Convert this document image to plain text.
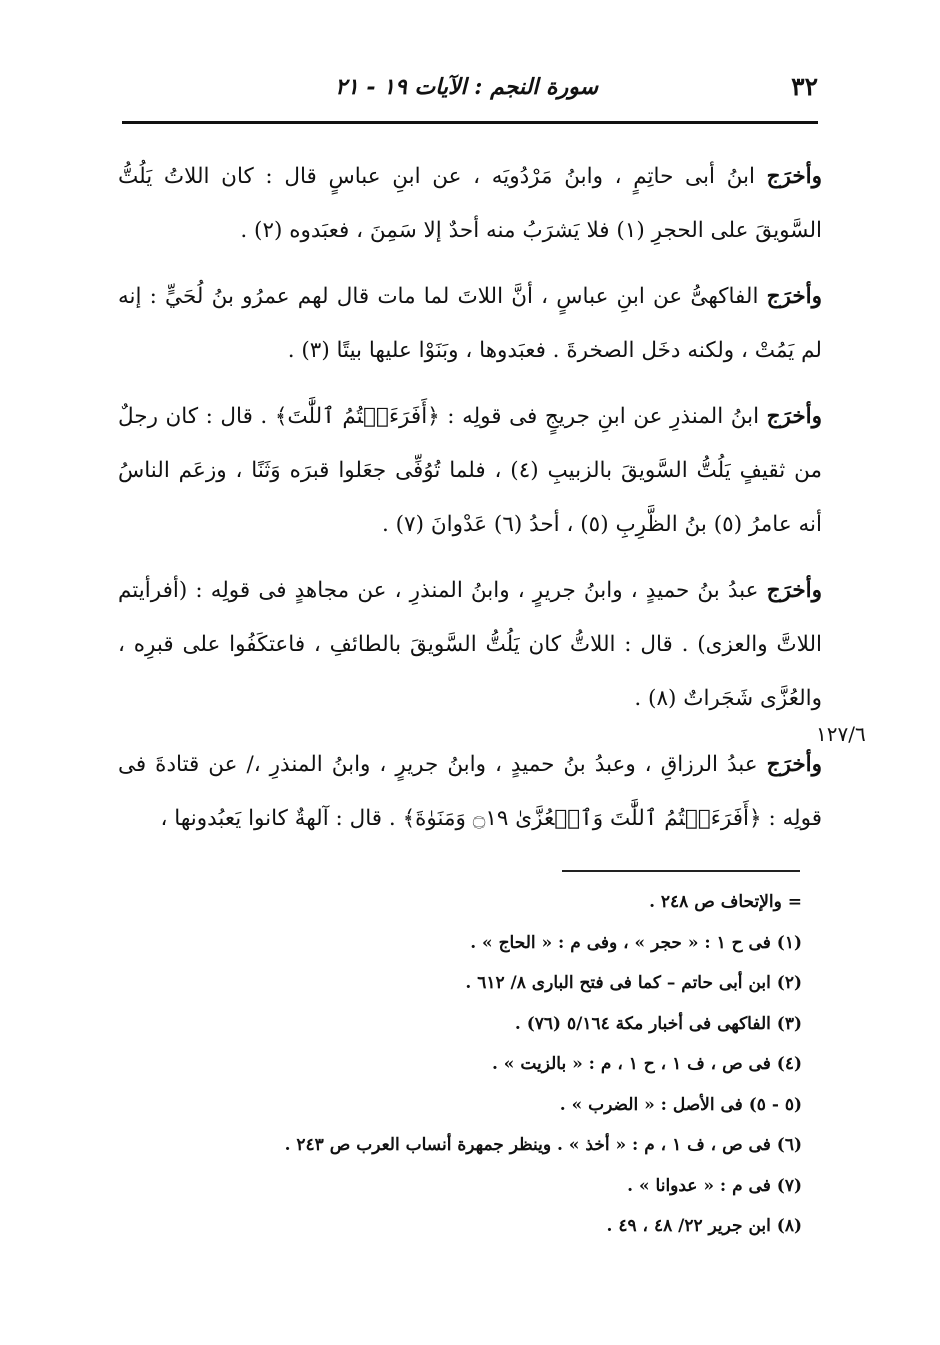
٣٢
سورة النجم : الآيات ١٩ - ٢١

وأخرَج ابنُ أبى حاتِمٍ ، وابنُ مَرْدُويَه ، عن ابنِ عباسٍ قال : كان اللاتُ يَلُتُّ السَّويقَ على الحجرِ (١) فلا يَشرَبُ منه أحدٌ إلا سَمِنَ ، فعبَدوه (٢) .

وأخرَج الفاكهىُّ عن ابنِ عباسٍ ، أنَّ اللاتَ لما مات قال لهم عمرُو بنُ لُحَيٍّ : إنه لم يَمُتْ ، ولكنه دخَل الصخرةَ . فعبَدوها ، وبَنَوْا عليها بيتًا (٣) .

وأخرَج ابنُ المنذرِ عن ابنِ جريجٍ فى قولِه : ﴿أَفَرَءَيۡتُمُ ٱللَّٰتَ﴾ . قال : كان رجلٌ من ثقيفٍ يَلُتُّ السَّويقَ بالزبيبِ (٤) ، فلما تُوُفِّى جعَلوا قبرَه وَثَنًا ، وزعَم الناسُ أنه عامرُ (٥) بنُ الظَّرِبِ (٥) ، أحدُ (٦) عَدْوانَ (٧) .

وأخرَج عبدُ بنُ حميدٍ ، وابنُ جريرٍ ، وابنُ المنذرِ ، عن مجاهدٍ فى قولِه : (أفرأيتم اللاتَّ والعزى) . قال : اللاتُّ كان يَلُتُّ السَّويقَ بالطائفِ ، فاعتكَفُوا على قبرِه ، والعُزَّى شَجَراتٌ (٨) .

وأخرَج عبدُ الرزاقِ ، وعبدُ بنُ حميدٍ ، وابنُ جريرٍ ، وابنُ المنذرِ ،/ عن قتادةَ فى قولِه : ﴿أَفَرَءَيۡتُمُ ٱللَّٰتَ وَٱلۡعُزَّىٰ ۝١٩ وَمَنَوٰةَ﴾ . قال : آلهةٌ كانوا يَعبُدونها ،

١٢٧/٦
= والإتحاف ص ٢٤٨ .
(١) فى ح ١ : « حجر » ، وفى م : « الحاج » .
(٢) ابن أبى حاتم – كما فى فتح البارى ٨/ ٦١٢ .
(٣) الفاكهى فى أخبار مكة ٥/١٦٤ (٧٦) .
(٤) فى ص ، ف ١ ، ح ١ ، م : « بالزيت » .
(٥ - ٥) فى الأصل : « الضرب » .
(٦) فى ص ، ف ١ ، م : « أخذ » . وينظر جمهرة أنساب العرب ص ٢٤٣ .
(٧) فى م : « عدوانا » .
(٨) ابن جرير ٢٢/ ٤٨ ، ٤٩ .
